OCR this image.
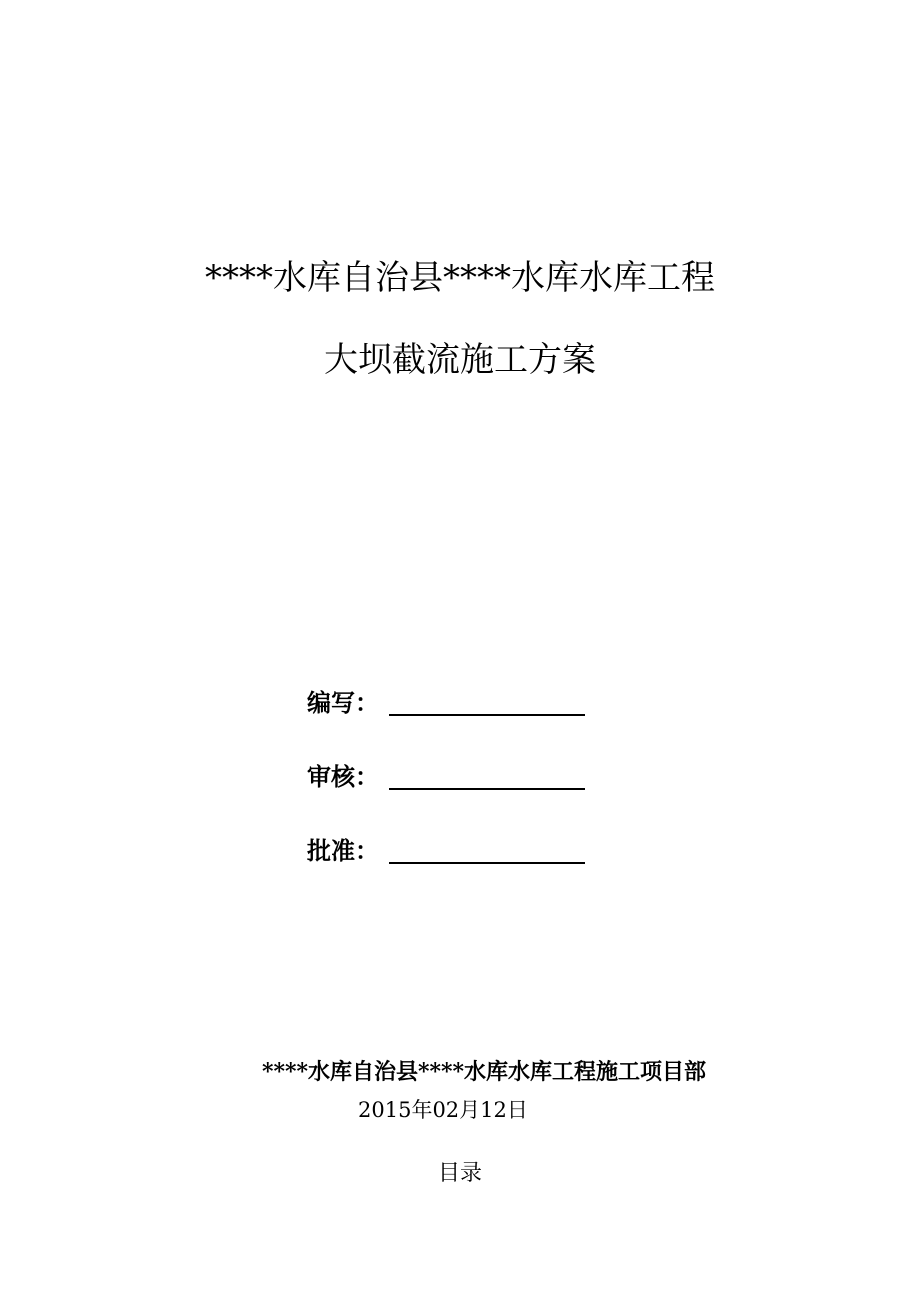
****水库自治县****水库水库工程
大坝截流施工方案
编写：
审核：
批准：
****水库自治县****水库水库工程施工项目部
2015年02月12日
目录
